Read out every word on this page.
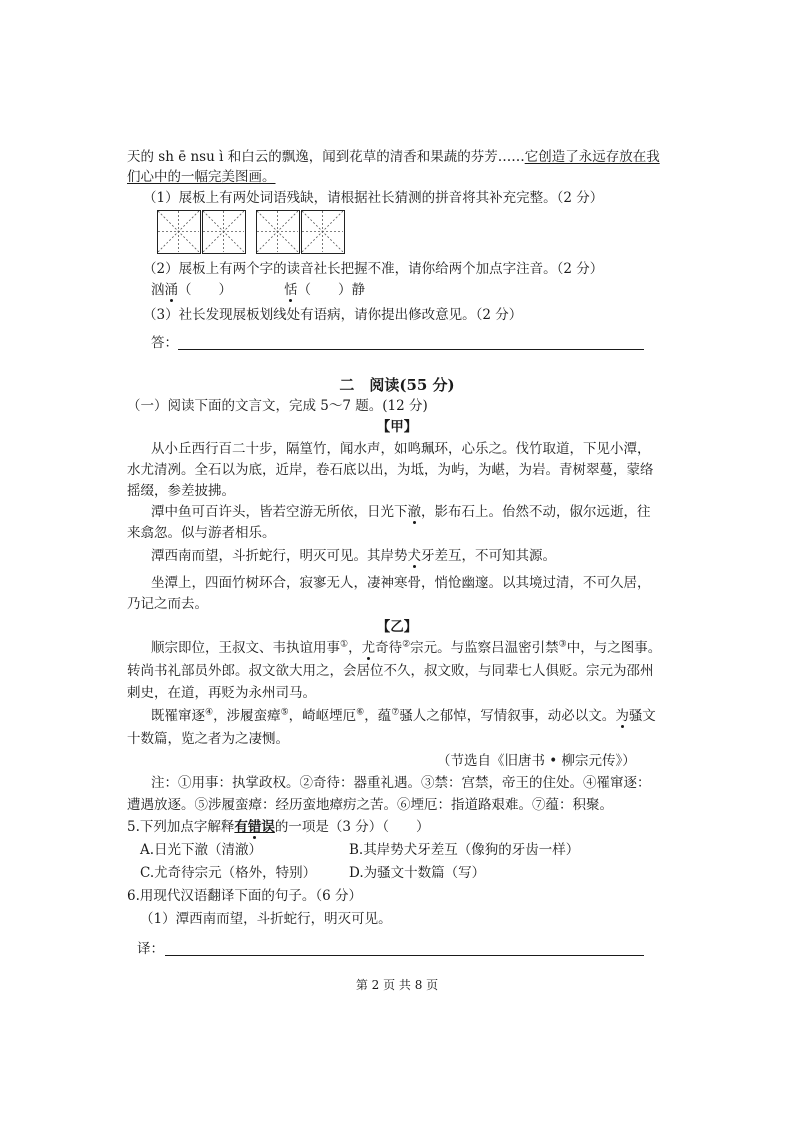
天的 sh ē nsu ì 和白云的飘逸，闻到花草的清香和果蔬的芬芳……它创造了永远存放在我
们心中的一幅完美图画。
（1）展板上有两处词语残缺，请根据社长猜测的拼音将其补充完整。（2 分）
（2）展板上有两个字的读音社长把握不准，请你给两个加点字注音。（2 分）
汹涌（　　）	恬（　　）静
（3）社长发现展板划线处有语病，请你提出修改意见。（2 分）
答：
二　阅读(55 分)
（一）阅读下面的文言文，完成 5～7 题。(12 分)
【甲】
从小丘西行百二十步，隔篁竹，闻水声，如鸣珮环，心乐之。伐竹取道，下见小潭，
水尤清冽。全石以为底，近岸，卷石底以出，为坻，为屿，为嵁，为岩。青树翠蔓，蒙络
摇缀，参差披拂。
潭中鱼可百许头，皆若空游无所依，日光下澈，影布石上。佁然不动，俶尔远逝，往
来翕忽。似与游者相乐。
潭西南而望，斗折蛇行，明灭可见。其岸势犬牙差互，不可知其源。
坐潭上，四面竹树环合，寂寥无人，凄神寒骨，悄怆幽邃。以其境过清，不可久居，
乃记之而去。
【乙】
顺宗即位，王叔文、韦执谊用事①，尤奇待②宗元。与监察吕温密引禁③中，与之图事。
转尚书礼部员外郎。叔文欲大用之，会居位不久，叔文败，与同辈七人俱贬。宗元为邵州
刺史，在道，再贬为永州司马。
既罹窜逐④，涉履蛮瘴⑤，崎岖堙厄⑥，蕴⑦骚人之郁悼，写情叙事，动必以文。为骚文
十数篇，览之者为之凄恻。
（节选自《旧唐书 • 柳宗元传》）
注：①用事：执掌政权。②奇待：器重礼遇。③禁：宫禁，帝王的住处。④罹窜逐：
遭遇放逐。⑤涉履蛮瘴：经历蛮地瘴疠之苦。⑥堙厄：指道路艰难。⑦蕴：积聚。
5.下列加点字解释有错误的一项是（3 分）（　　）
A.日光下澈（清澈）	B.其岸势犬牙差互（像狗的牙齿一样）
C.尤奇待宗元（格外，特别） D.为骚文十数篇（写）
6.用现代汉语翻译下面的句子。（6 分）
（1）潭西南而望，斗折蛇行，明灭可见。
译：
第 2 页 共 8 页
